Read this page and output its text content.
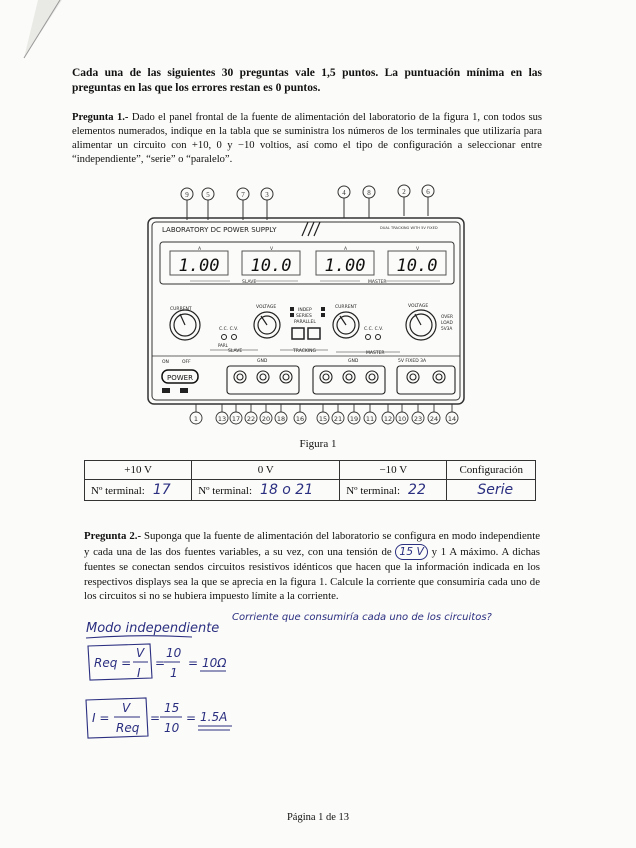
Cada una de las siguientes 30 preguntas vale 1,5 puntos. La puntuación mínima en las preguntas en las que los errores restan es 0 puntos.
Pregunta 1.- Dado el panel frontal de la fuente de alimentación del laboratorio de la figura 1, con todos sus elementos numerados, indique en la tabla que se suministra los números de los terminales que utilizaría para alimentar un circuito con +10, 0 y −10 voltios, así como el tipo de configuración a seleccionar entre “independiente”, “serie” o “paralelo”.
9	5	7	3	4	8	2	6
LABORATORY DC POWER SUPPLY	DUAL TRACKING WITH 5V FIXED
A
1.00
V
10.0
A
1.00
V
10.0
SLAVE	MASTER
CURRENT	VOLTAGE	CURRENT	VOLTAGE
C.C. C.V.
PARL
C.C. C.V.
INDEP
SERIES
PARALLEL
TRACKING
OVER
LOAD
5V3A
SLAVE	MASTER
ON	OFF	GND	GND	5V FIXED 3A
POWER
1	13 17 22 20 18 16 15 21 19 11 12 10 23 24 14
Figura 1
+10 V	0 V	−10 V	Configuración
Nº terminal: 17	Nº terminal: 18 o 21	Nº terminal: 22	Serie
Pregunta 2.- Suponga que la fuente de alimentación del laboratorio se configura en modo independiente y cada una de las dos fuentes variables, a su vez, con una tensión de 15 V y 1 A máximo. A dichas fuentes se conectan sendos circuitos resistivos idénticos que hacen que la información indicada en los respectivos displays sea la que se aprecia en la figura 1. Calcule la corriente que consumiría cada uno de los circuitos si no se hubiera impuesto límite a la corriente.
Modo independiente
Corriente que consumiría cada uno de los circuitos?
Req =
V
I
=
10
1
= 10Ω
I =
V
Req
=
15
10
= 1.5A
Página 1 de 13
